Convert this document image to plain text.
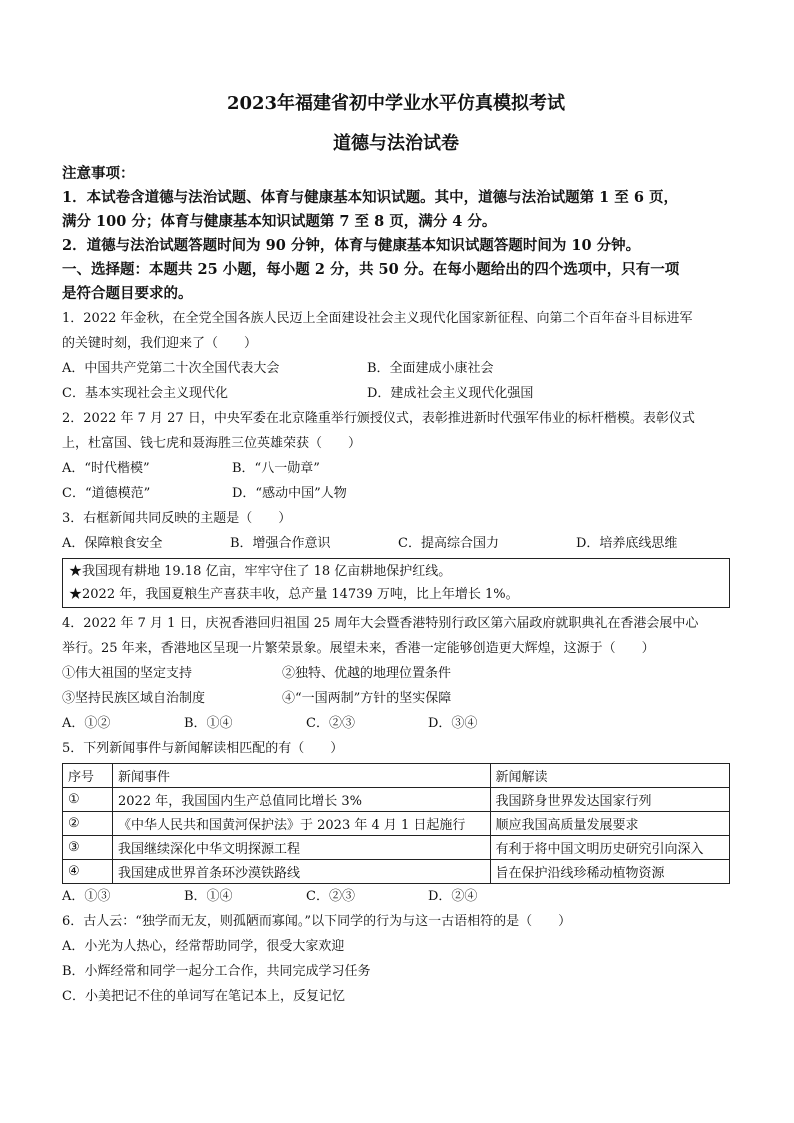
2023年福建省初中学业水平仿真模拟考试

道德与法治试卷

注意事项：

1．本试卷含道德与法治试题、体育与健康基本知识试题。其中，道德与法治试题第 1 至 6 页，

满分 100 分；体育与健康基本知识试题第 7 至 8 页，满分 4 分。

2．道德与法治试题答题时间为 90 分钟，体育与健康基本知识试题答题时间为 10 分钟。

一、选择题：本题共 25 小题，每小题 2 分，共 50 分。在每小题给出的四个选项中，只有一项

是符合题目要求的。

1．2022 年金秋，在全党全国各族人民迈上全面建设社会主义现代化国家新征程、向第二个百年奋斗目标进军

的关键时刻，我们迎来了（　　）

A．中国共产党第二十次全国代表大会	B．全面建成小康社会
C．基本实现社会主义现代化	D．建成社会主义现代化强国

2．2022 年 7 月 27 日，中央军委在北京隆重举行颁授仪式，表彰推进新时代强军伟业的标杆楷模。表彰仪式

上，杜富国、钱七虎和聂海胜三位英雄荣获（　　）

A．“时代楷模”	B．“八一勋章”
C．“道德模范”	D．“感动中国”人物

3．右框新闻共同反映的主题是（　　）

A．保障粮食安全	B．增强合作意识	C．提高综合国力	D．培养底线思维

★我国现有耕地 19.18 亿亩，牢牢守住了 18 亿亩耕地保护红线。

★2022 年，我国夏粮生产喜获丰收，总产量 14739 万吨，比上年增长 1%。

4．2022 年 7 月 1 日，庆祝香港回归祖国 25 周年大会暨香港特别行政区第六届政府就职典礼在香港会展中心

举行。25 年来，香港地区呈现一片繁荣景象。展望未来，香港一定能够创造更大辉煌，这源于（　　）

①伟大祖国的坚定支持	②独特、优越的地理位置条件
③坚持民族区域自治制度	④“一国两制”方针的坚实保障
A．①②	B．①④	C．②③	D．③④

5．下列新闻事件与新闻解读相匹配的有（　　）

序号	新闻事件	新闻解读
①	2022 年，我国国内生产总值同比增长 3%	我国跻身世界发达国家行列
②	《中华人民共和国黄河保护法》于 2023 年 4 月 1 日起施行	顺应我国高质量发展要求
③	我国继续深化中华文明探源工程	有利于将中国文明历史研究引向深入
④	我国建成世界首条环沙漠铁路线	旨在保护沿线珍稀动植物资源
A．①③	B．①④	C．②③	D．②④

6．古人云：“独学而无友，则孤陋而寡闻。”以下同学的行为与这一古语相符的是（　　）

A．小光为人热心，经常帮助同学，很受大家欢迎

B．小辉经常和同学一起分工合作，共同完成学习任务

C．小美把记不住的单词写在笔记本上，反复记忆
